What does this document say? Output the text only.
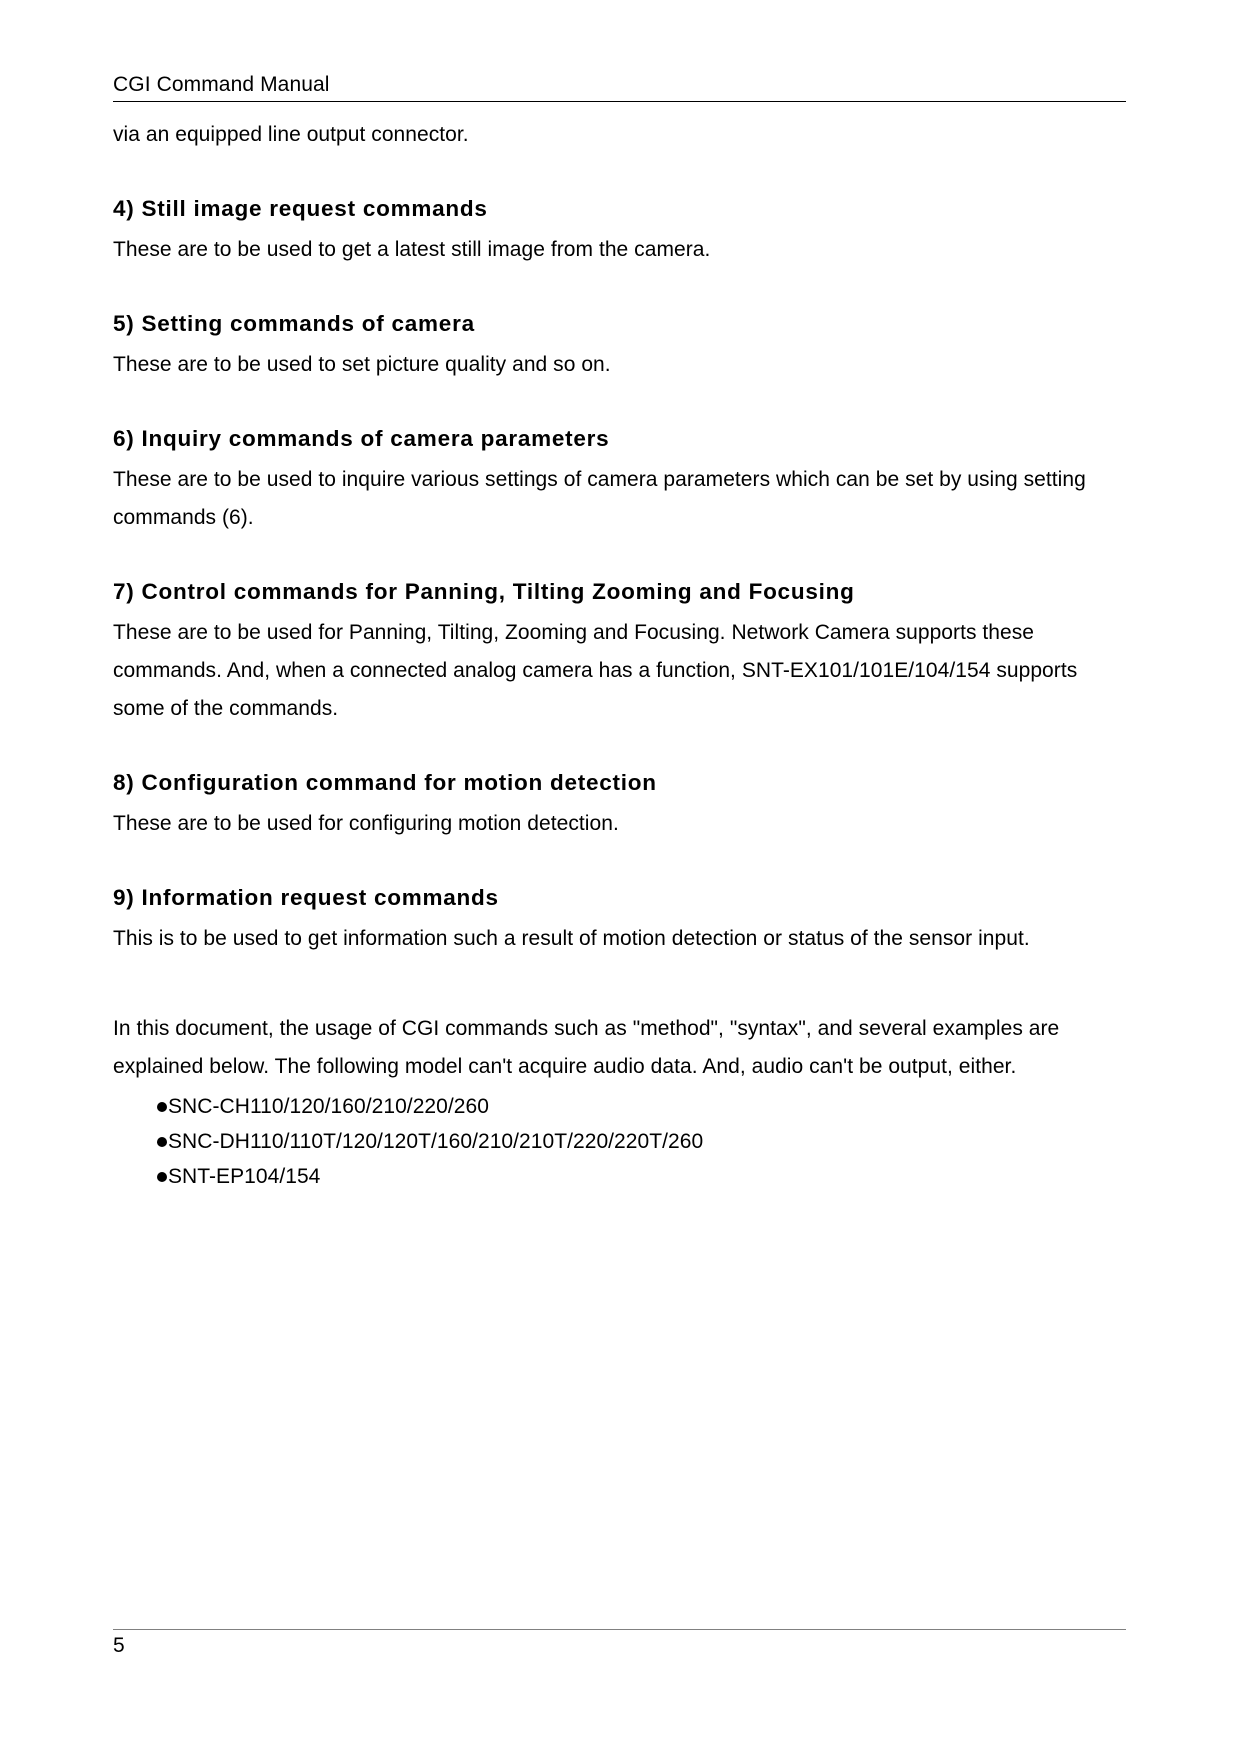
CGI Command Manual

via an equipped line output connector.

4) Still image request commands

These are to be used to get a latest still image from the camera.

5) Setting commands of camera

These are to be used to set picture quality and so on.

6) Inquiry commands of camera parameters

These are to be used to inquire various settings of camera parameters which can be set by using setting commands (6).

7) Control commands for Panning, Tilting Zooming and Focusing

These are to be used for Panning, Tilting, Zooming and Focusing. Network Camera supports these commands. And, when a connected analog camera has a function, SNT-EX101/101E/104/154 supports some of the commands.

8) Configuration command for motion detection

These are to be used for configuring motion detection.

9) Information request commands

This is to be used to get information such a result of motion detection or status of the sensor input.

In this document, the usage of CGI commands such as "method", "syntax", and several examples are explained below. The following model can't acquire audio data. And, audio can't be output, either.

SNC-CH110/120/160/210/220/260
SNC-DH110/110T/120/120T/160/210/210T/220/220T/260
SNT-EP104/154
5
